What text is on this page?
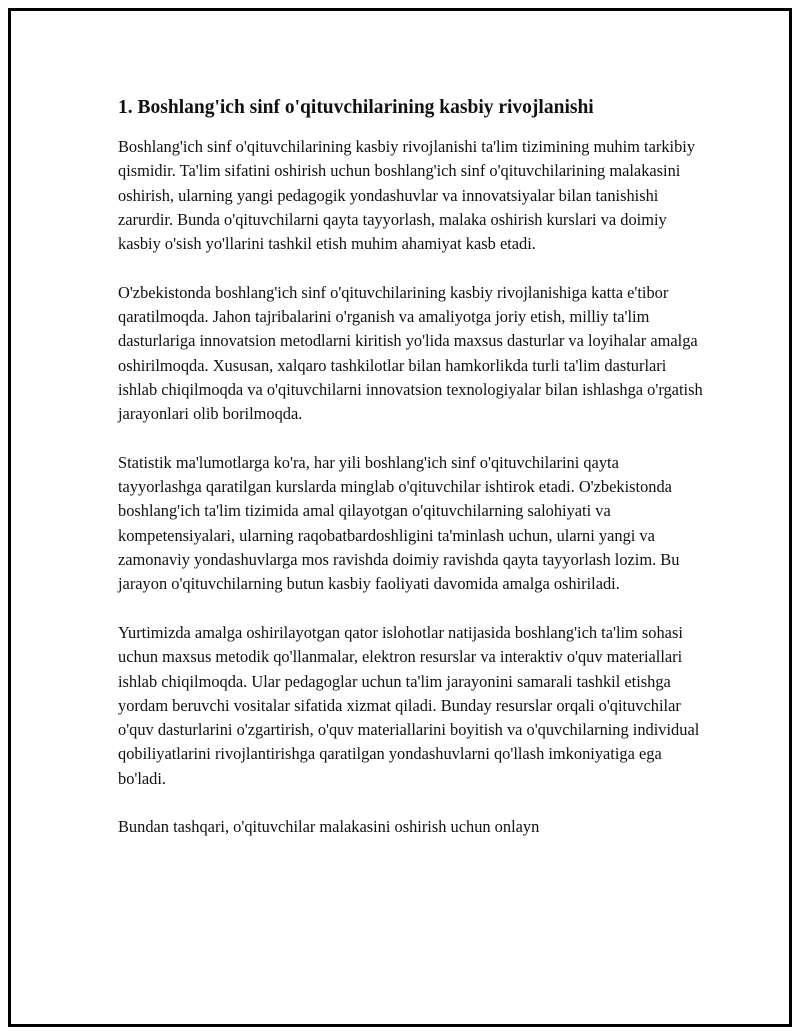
1. Boshlang'ich sinf o'qituvchilarining kasbiy rivojlanishi

Boshlang'ich sinf o'qituvchilarining kasbiy rivojlanishi ta'lim tizimining muhim tarkibiy qismidir. Ta'lim sifatini oshirish uchun boshlang'ich sinf o'qituvchilarining malakasini oshirish, ularning yangi pedagogik yondashuvlar va innovatsiyalar bilan tanishishi zarurdir. Bunda o'qituvchilarni qayta tayyorlash, malaka oshirish kurslari va doimiy kasbiy o'sish yo'llarini tashkil etish muhim ahamiyat kasb etadi.

O'zbekistonda boshlang'ich sinf o'qituvchilarining kasbiy rivojlanishiga katta e'tibor qaratilmoqda. Jahon tajribalarini o'rganish va amaliyotga joriy etish, milliy ta'lim dasturlariga innovatsion metodlarni kiritish yo'lida maxsus dasturlar va loyihalar amalga oshirilmoqda. Xususan, xalqaro tashkilotlar bilan hamkorlikda turli ta'lim dasturlari ishlab chiqilmoqda va o'qituvchilarni innovatsion texnologiyalar bilan ishlashga o'rgatish jarayonlari olib borilmoqda.

Statistik ma'lumotlarga ko'ra, har yili boshlang'ich sinf o'qituvchilarini qayta tayyorlashga qaratilgan kurslarda minglab o'qituvchilar ishtirok etadi. O'zbekistonda boshlang'ich ta'lim tizimida amal qilayotgan o'qituvchilarning salohiyati va kompetensiyalari, ularning raqobatbardoshligini ta'minlash uchun, ularni yangi va zamonaviy yondashuvlarga mos ravishda doimiy ravishda qayta tayyorlash lozim. Bu jarayon o'qituvchilarning butun kasbiy faoliyati davomida amalga oshiriladi.

Yurtimizda amalga oshirilayotgan qator islohotlar natijasida boshlang'ich ta'lim sohasi uchun maxsus metodik qo'llanmalar, elektron resurslar va interaktiv o'quv materiallari ishlab chiqilmoqda. Ular pedagoglar uchun ta'lim jarayonini samarali tashkil etishga yordam beruvchi vositalar sifatida xizmat qiladi. Bunday resurslar orqali o'qituvchilar o'quv dasturlarini o'zgartirish, o'quv materiallarini boyitish va o'quvchilarning individual qobiliyatlarini rivojlantirishga qaratilgan yondashuvlarni qo'llash imkoniyatiga ega bo'ladi.

Bundan tashqari, o'qituvchilar malakasini oshirish uchun onlayn
